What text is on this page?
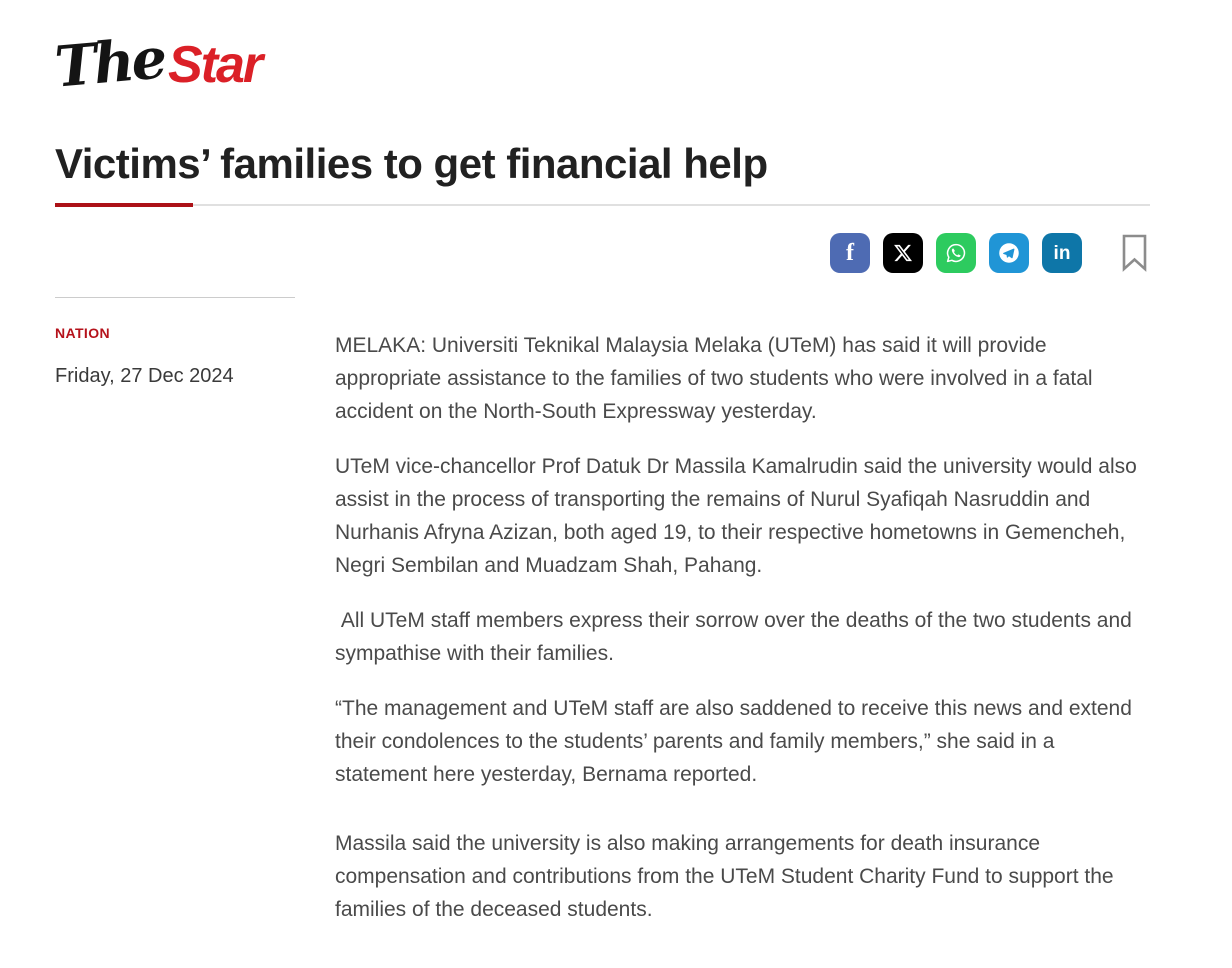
The Star
Victims’ families to get financial help
f	in
NATION
Friday, 27 Dec 2024

MELAKA: Universiti Teknikal Malaysia Melaka (UTeM) has said it will provide appropriate assistance to the families of two students who were involved in a fatal accident on the North-South Expressway yesterday.

UTeM vice-chancellor Prof Datuk Dr Massila Kamalrudin said the university would also assist in the process of transporting the remains of Nurul Syafiqah Nasruddin and Nurhanis Afryna Azizan, both aged 19, to their respective hometowns in Gemencheh, Negri Sembilan and Muadzam Shah, Pahang.

All UTeM staff members express their sorrow over the deaths of the two students and sympathise with their families.

“The management and UTeM staff are also saddened to receive this news and extend their condolences to the students’ parents and family members,” she said in a statement here yesterday, Bernama reported.

Massila said the university is also making arrangements for death insurance compensation and contributions from the UTeM Student Charity Fund to support the families of the deceased students.
